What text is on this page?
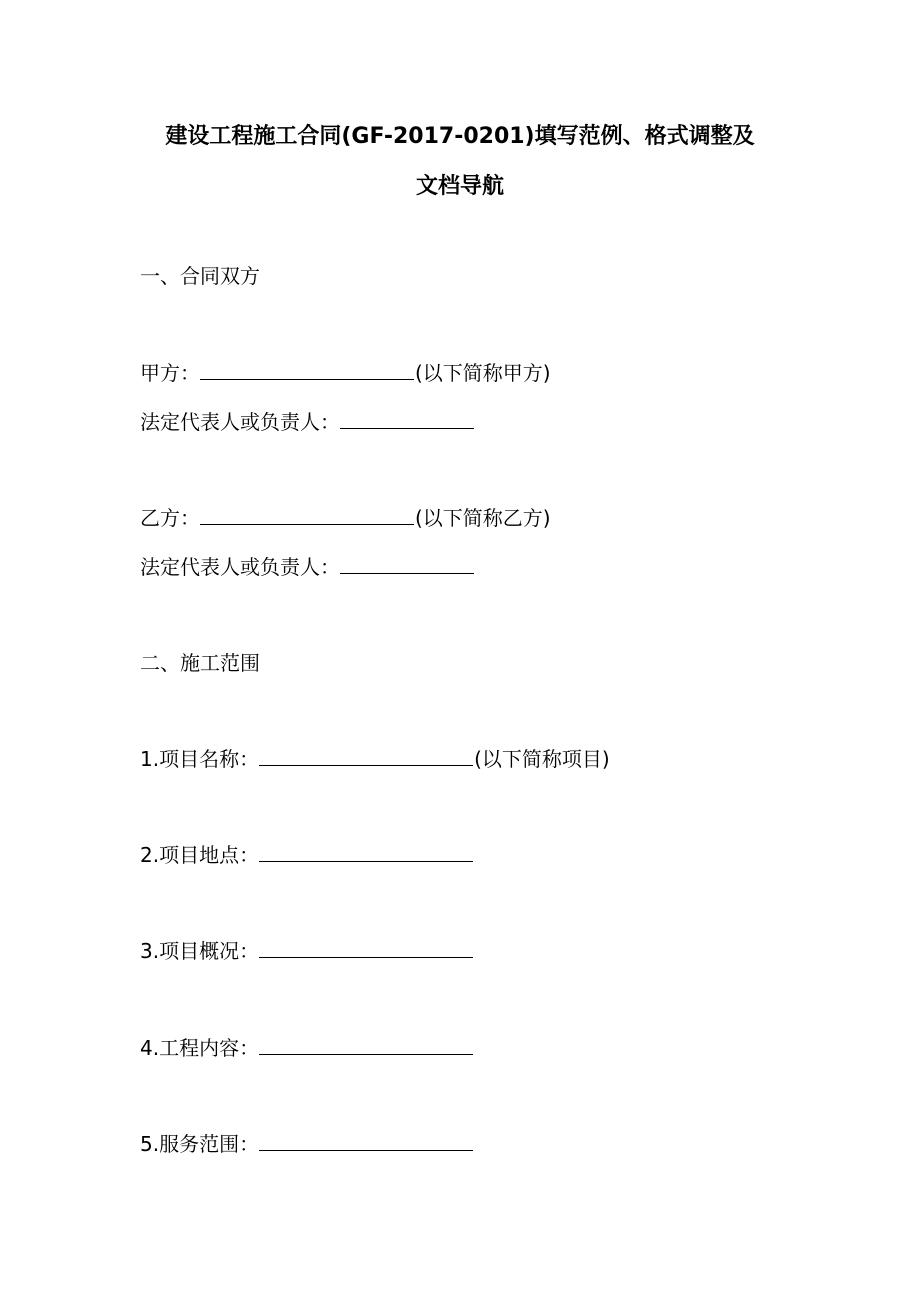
建设工程施工合同(GF-2017-0201)填写范例、格式调整及
文档导航
一、合同双方
甲方：	(以下简称甲方)
法定代表人或负责人：
乙方：	(以下简称乙方)
法定代表人或负责人：
二、施工范围
1.项目名称：	(以下简称项目)
2.项目地点：
3.项目概况：
4.工程内容：
5.服务范围：
